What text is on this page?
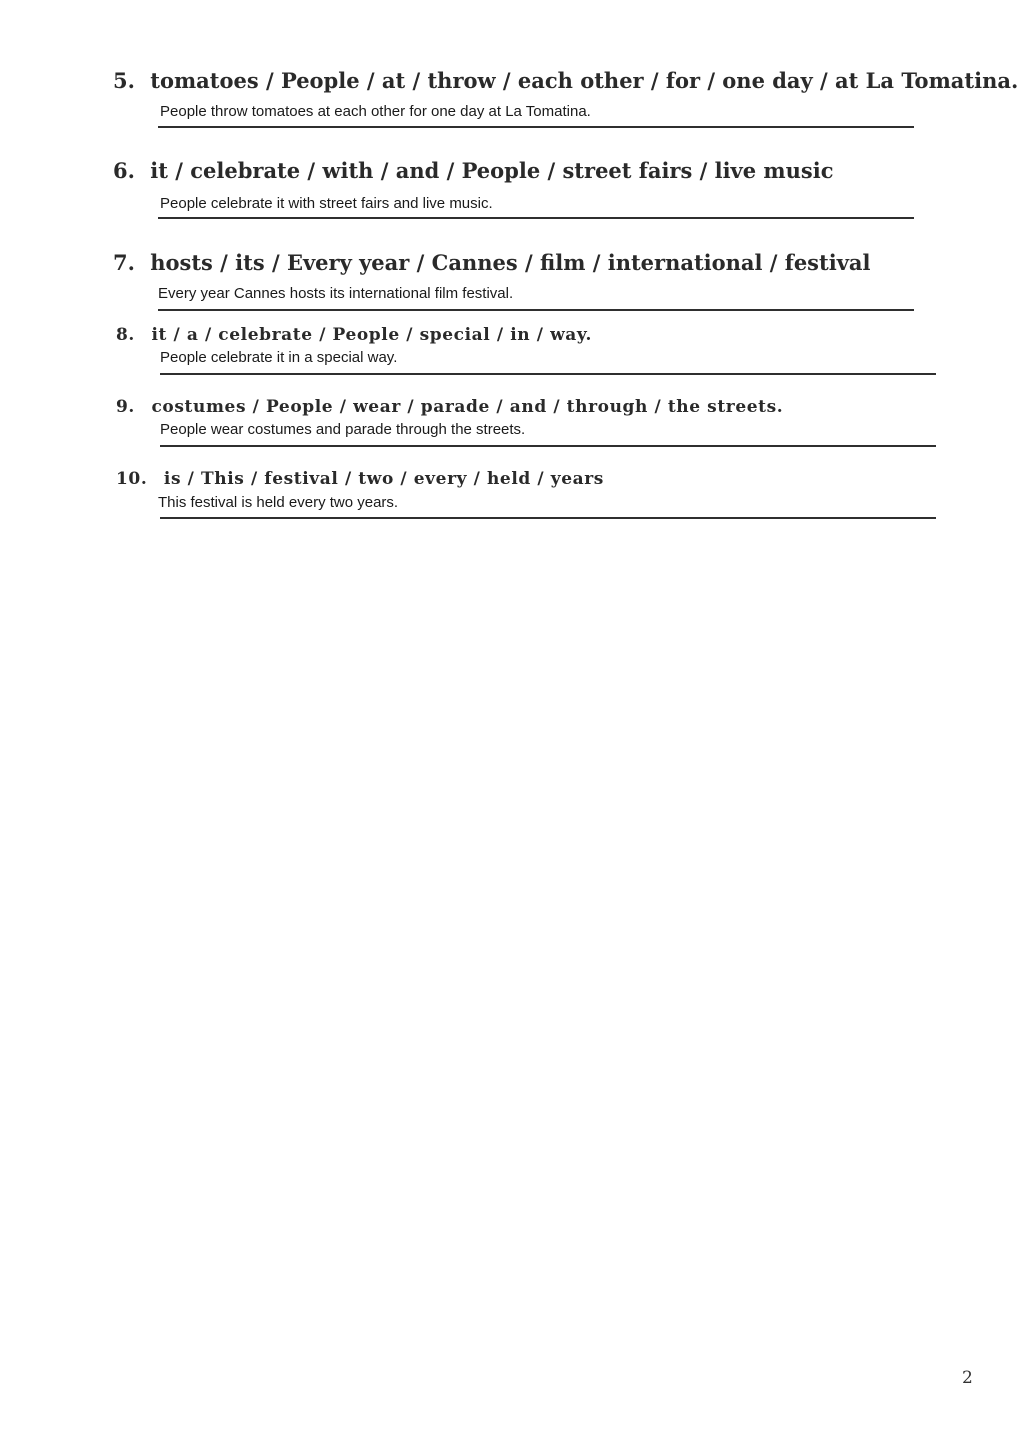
5. tomatoes / People / at / throw / each other / for / one day / at La Tomatina.
People throw tomatoes at each other for one day at La Tomatina.
6. it / celebrate / with / and / People / street fairs / live music
People celebrate it with street fairs and live music.
7. hosts / its / Every year / Cannes / film / international / festival
Every year Cannes hosts its international film festival.
8. it / a / celebrate / People / special / in / way.
People celebrate it in a special way.
9. costumes / People / wear / parade / and / through / the streets.
People wear costumes and parade through the streets.
10. is / This / festival / two / every / held / years
This festival is held every two years.
2
